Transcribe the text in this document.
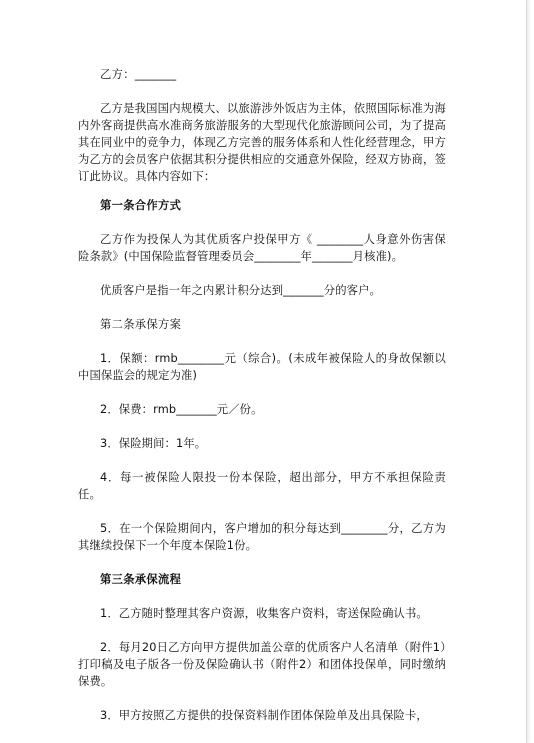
乙方：_______

乙方是我国国内规模大、以旅游涉外饭店为主体，依照国际标准为海内外客商提供高水准商务旅游服务的大型现代化旅游顾问公司，为了提高其在同业中的竞争力，体现乙方完善的服务体系和人性化经营理念，甲方为乙方的会员客户依据其积分提供相应的交通意外保险，经双方协商，签订此协议。具体内容如下：

第一条合作方式

乙方作为投保人为其优质客户投保甲方《 ________人身意外伤害保险条款》(中国保险监督管理委员会________年_______月核准)。

优质客户是指一年之内累计积分达到_______分的客户。

第二条承保方案

1．保额：rmb________元（综合)。(未成年被保险人的身故保额以中国保监会的规定为准)

2．保费：rmb_______元／份。

3．保险期间：1年。

4．每一被保险人限投一份本保险，超出部分，甲方不承担保险责任。

5．在一个保险期间内，客户增加的积分每达到________分，乙方为其继续投保下一个年度本保险1份。

第三条承保流程

1．乙方随时整理其客户资源，收集客户资料，寄送保险确认书。

2．每月20日乙方向甲方提供加盖公章的优质客户人名清单（附件1）打印稿及电子版各一份及保险确认书（附件2）和团体投保单，同时缴纳保费。

3．甲方按照乙方提供的投保资料制作团体保险单及出具保险卡，
